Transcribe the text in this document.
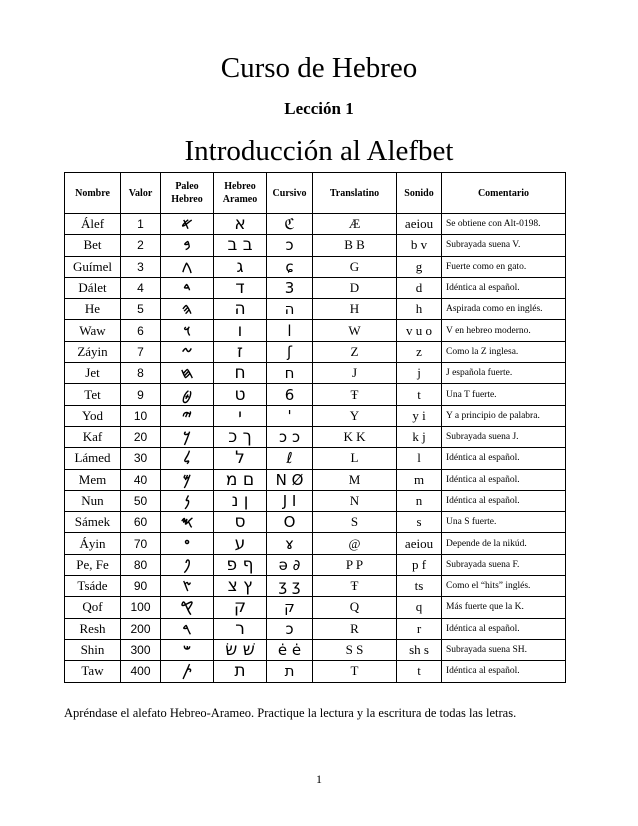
Curso de Hebreo
Lección 1
Introducción al Alefbet
Nombre	Valor	Paleo Hebreo	Hebreo Arameo	Cursivo	Translatino	Sonido	Comentario
Álef	1	𐤀	א	ℭ	Æ	aeiou	Se obtiene con Alt-0198.
Bet	2	𐤁	ב ב	ɔ	B B	b v	Subrayada suena V.
Guímel	3	𐤂	ג	ɕ	G	g	Fuerte como en gato.
Dálet	4	𐤃	ד	3	D	d	Idéntica al español.
He	5	𐤄	ה	ה	H	h	Aspirada como en inglés.
Waw	6	𐤅	ו	l	W	v u o	V en hebreo moderno.
Záyin	7	𐤆	ז	ʃ	Z	z	Como la Z inglesa.
Jet	8	𐤇	ח	ח	J	j	J española fuerte.
Tet	9	𐤈	ט	6	Ŧ	t	Una T fuerte.
Yod	10	𐤉	י	'	Y	y i	Y a principio de palabra.
Kaf	20	𐤊	ך כ	ɔ ɔ	K K	k j	Subrayada suena J.
Lámed	30	𐤋	ל	ℓ	L	l	Idéntica al español.
Mem	40	𐤌	ם מ	N Ø	M	m	Idéntica al español.
Nun	50	𐤍	ן נ	J I	N	n	Idéntica al español.
Sámek	60	𐤎	ס	O	S	s	Una S fuerte.
Áyin	70	𐤏	ע	ɤ	@	aeiou	Depende de la nikúd.
Pe, Fe	80	𐤐	ף פ	ə ∂	P P	p f	Subrayada suena F.
Tsáde	90	𐤑	ץ צ	ʒ ʒ	Ŧ	ts	Como el “hits” inglés.
Qof	100	𐤒	ק	ק	Q	q	Más fuerte que la K.
Resh	200	𐤓	ר	ɔ	R	r	Idéntica al español.
Shin	300	𐤔	שׁ שׂ	ė ė	S S	sh s	Subrayada suena SH.
Taw	400	𐤕	ת	ת	T	t	Idéntica al español.
Apréndase el alefato Hebreo-Arameo. Practique la lectura y la escritura de todas las letras.
1
